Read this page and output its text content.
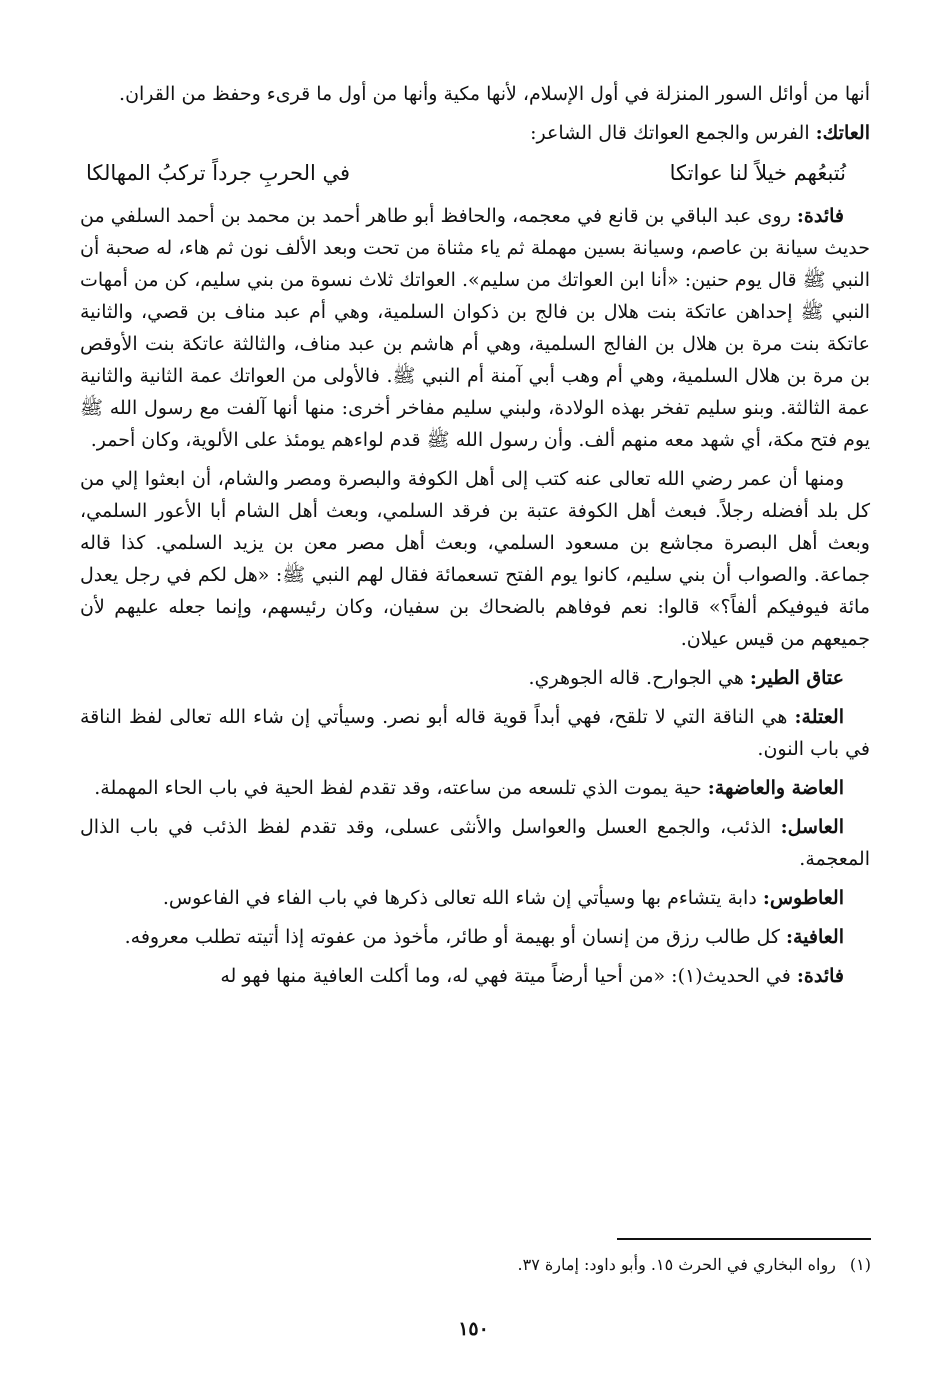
أنها من أوائل السور المنزلة في أول الإسلام، لأنها مكية وأنها من أول ما قرىء وحفظ من القران.

العاتك: الفرس والجمع العواتك قال الشاعر:

نُتبعُهم خيلاً لنا عواتكا
في الحربِ جرداً تركبُ المهالكا

فائدة: روى عبد الباقي بن قانع في معجمه، والحافظ أبو طاهر أحمد بن محمد بن أحمد السلفي من حديث سيانة بن عاصم، وسيانة بسين مهملة ثم ياء مثناة من تحت وبعد الألف نون ثم هاء، له صحبة أن النبي ﷺ قال يوم حنين: «أنا ابن العواتك من سليم». العواتك ثلاث نسوة من بني سليم، كن من أمهات النبي ﷺ إحداهن عاتكة بنت هلال بن فالج بن ذكوان السلمية، وهي أم عبد مناف بن قصي، والثانية عاتكة بنت مرة بن هلال بن الفالج السلمية، وهي أم هاشم بن عبد مناف، والثالثة عاتكة بنت الأوقص بن مرة بن هلال السلمية، وهي أم وهب أبي آمنة أم النبي ﷺ. فالأولى من العواتك عمة الثانية والثانية عمة الثالثة. وبنو سليم تفخر بهذه الولادة، ولبني سليم مفاخر أخرى: منها أنها آلفت مع رسول الله ﷺ يوم فتح مكة، أي شهد معه منهم ألف. وأن رسول الله ﷺ قدم لواءهم يومئذ على الألوية، وكان أحمر.

ومنها أن عمر رضي الله تعالى عنه كتب إلى أهل الكوفة والبصرة ومصر والشام، أن ابعثوا إلي من كل بلد أفضله رجلاً. فبعث أهل الكوفة عتبة بن فرقد السلمي، وبعث أهل الشام أبا الأعور السلمي، وبعث أهل البصرة مجاشع بن مسعود السلمي، وبعث أهل مصر معن بن يزيد السلمي. كذا قاله جماعة. والصواب أن بني سليم، كانوا يوم الفتح تسعمائة فقال لهم النبي ﷺ: «هل لكم في رجل يعدل مائة فيوفيكم ألفاً؟» قالوا: نعم فوفاهم بالضحاك بن سفيان، وكان رئيسهم، وإنما جعله عليهم لأن جميعهم من قيس عيلان.

عتاق الطير: هي الجوارح. قاله الجوهري.

العتلة: هي الناقة التي لا تلقح، فهي أبداً قوية قاله أبو نصر. وسيأتي إن شاء الله تعالى لفظ الناقة في باب النون.

العاضة والعاضهة: حية يموت الذي تلسعه من ساعته، وقد تقدم لفظ الحية في باب الحاء المهملة.

العاسل: الذئب، والجمع العسل والعواسل والأنثى عسلى، وقد تقدم لفظ الذئب في باب الذال المعجمة.

العاطوس: دابة يتشاءم بها وسيأتي إن شاء الله تعالى ذكرها في باب الفاء في الفاعوس.

العافية: كل طالب رزق من إنسان أو بهيمة أو طائر، مأخوذ من عفوته إذا أتيته تطلب معروفه.

فائدة: في الحديث(١): «من أحيا أرضاً ميتة فهي له، وما أكلت العافية منها فهو له

(١)رواه البخاري في الحرث ١٥. وأبو داود: إمارة ٣٧.
١٥٠
